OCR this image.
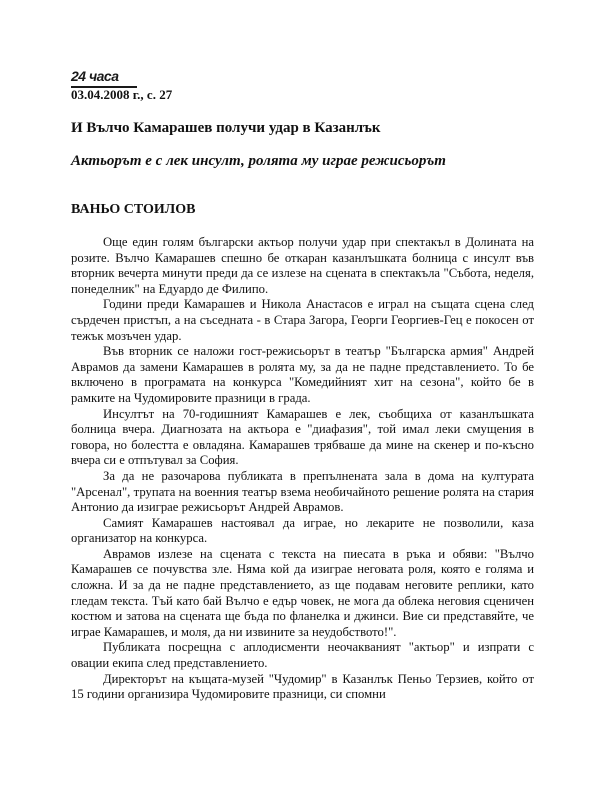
24 часа
03.04.2008 г., с. 27
И Вълчо Камарашев получи удар в Казанлък
Актьорът е с лек инсулт, ролята му играе режисьорът
ВАНЬО СТОИЛОВ

Още един голям български актьор получи удар при спектакъл в Долината на розите. Вълчо Камарашев спешно бе откаран казанлъшката болница с инсулт във вторник вечерта минути преди да се излезе на сцената в спектакъла "Събота, неделя, понеделник" на Едуардо де Филипо.

Години преди Камарашев и Никола Анастасов е играл на същата сцена след сърдечен пристъп, а на съседната - в Стара Загора, Георги Георгиев-Гец е покосен от тежък мозъчен удар.

Във вторник се наложи гост-режисьорът в театър "Българска армия" Андрей Аврамов да замени Камарашев в ролята му, за да не падне представлението. То бе включено в програмата на конкурса "Комедийният хит на сезона", който бе в рамките на Чудомировите празници в града.

Инсултът на 70-годишният Камарашев е лек, съобщиха от казанлъшката болница вчера. Диагнозата на актьора е "диафазия", той имал леки смущения в говора, но болестта е овладяна. Камарашев трябваше да мине на скенер и по-късно вчера си е отпътувал за София.

За да не разочарова публиката в препълнената зала в дома на културата "Арсенал", трупата на военния театър взема необичайното решение ролята на стария Антонио да изиграе режисьорът Андрей Аврамов.

Самият Камарашев настоявал да играе, но лекарите не позволили, каза организатор на конкурса.

Аврамов излезе на сцената с текста на пиесата в ръка и обяви: "Вълчо Камарашев се почувства зле. Няма кой да изиграе неговата роля, която е голяма и сложна. И за да не падне представлението, аз ще подавам неговите реплики, като гледам текста. Тъй като бай Вълчо е едър човек, не мога да облека неговия сценичен костюм и затова на сцената ще бъда по фланелка и джинси. Вие си представяйте, че играе Камарашев, и моля, да ни извините за неудобството!".

Публиката посрещна с аплодисменти неочакваният "актьор" и изпрати с овации екипа след представлението.

Директорът на къщата-музей "Чудомир" в Казанлък Пеньо Терзиев, който от 15 години организира Чудомировите празници, си спомни
